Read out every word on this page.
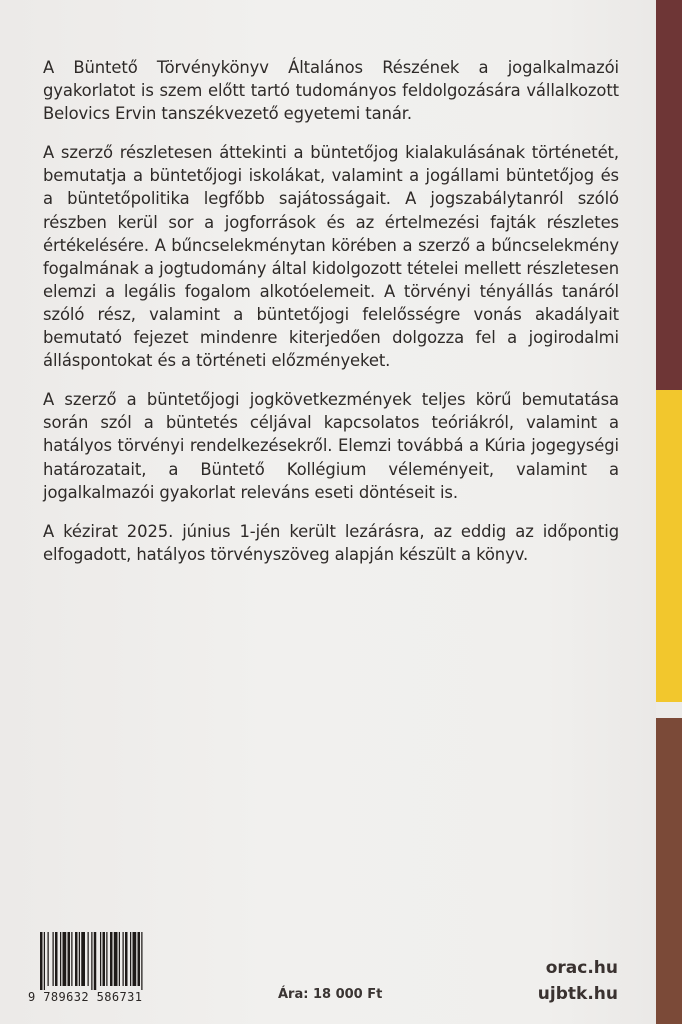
A Büntető Törvénykönyv Általános Részének a jogalkalmazói gyakorlatot is szem előtt tartó tudományos feldolgozására vállalkozott Belovics Ervin tanszékvezető egyetemi tanár.

A szerző részletesen áttekinti a büntetőjog kialakulásának történetét, bemutatja a büntetőjogi iskolákat, valamint a jogállami büntetőjog és a büntetőpolitika legfőbb sajátosságait. A jogszabálytanról szóló részben kerül sor a jogforrások és az értelmezési fajták részletes értékelésére. A bűncselekménytan körében a szerző a bűncselekmény fogalmának a jogtudomány által kidolgozott tételei mellett részletesen elemzi a legális fogalom alkotóelemeit. A törvényi tényállás tanáról szóló rész, valamint a büntetőjogi felelősségre vonás akadályait bemutató fejezet mindenre kiterjedően dolgozza fel a jogirodalmi álláspontokat és a történeti előzményeket.

A szerző a büntetőjogi jogkövetkezmények teljes körű bemutatása során szól a büntetés céljával kapcsolatos teóriákról, valamint a hatályos törvényi rendelkezésekről. Elemzi továbbá a Kúria jogegységi határozatait, a Büntető Kollégium véleményeit, valamint a jogalkalmazói gyakorlat releváns eseti döntéseit is.

A kézirat 2025. június 1-jén került lezárásra, az eddig az időpontig elfogadott, hatályos törvényszöveg alapján készült a könyv.

9 789632 586731	Ára: 18 000 Ft
orac.hu
ujbtk.hu
